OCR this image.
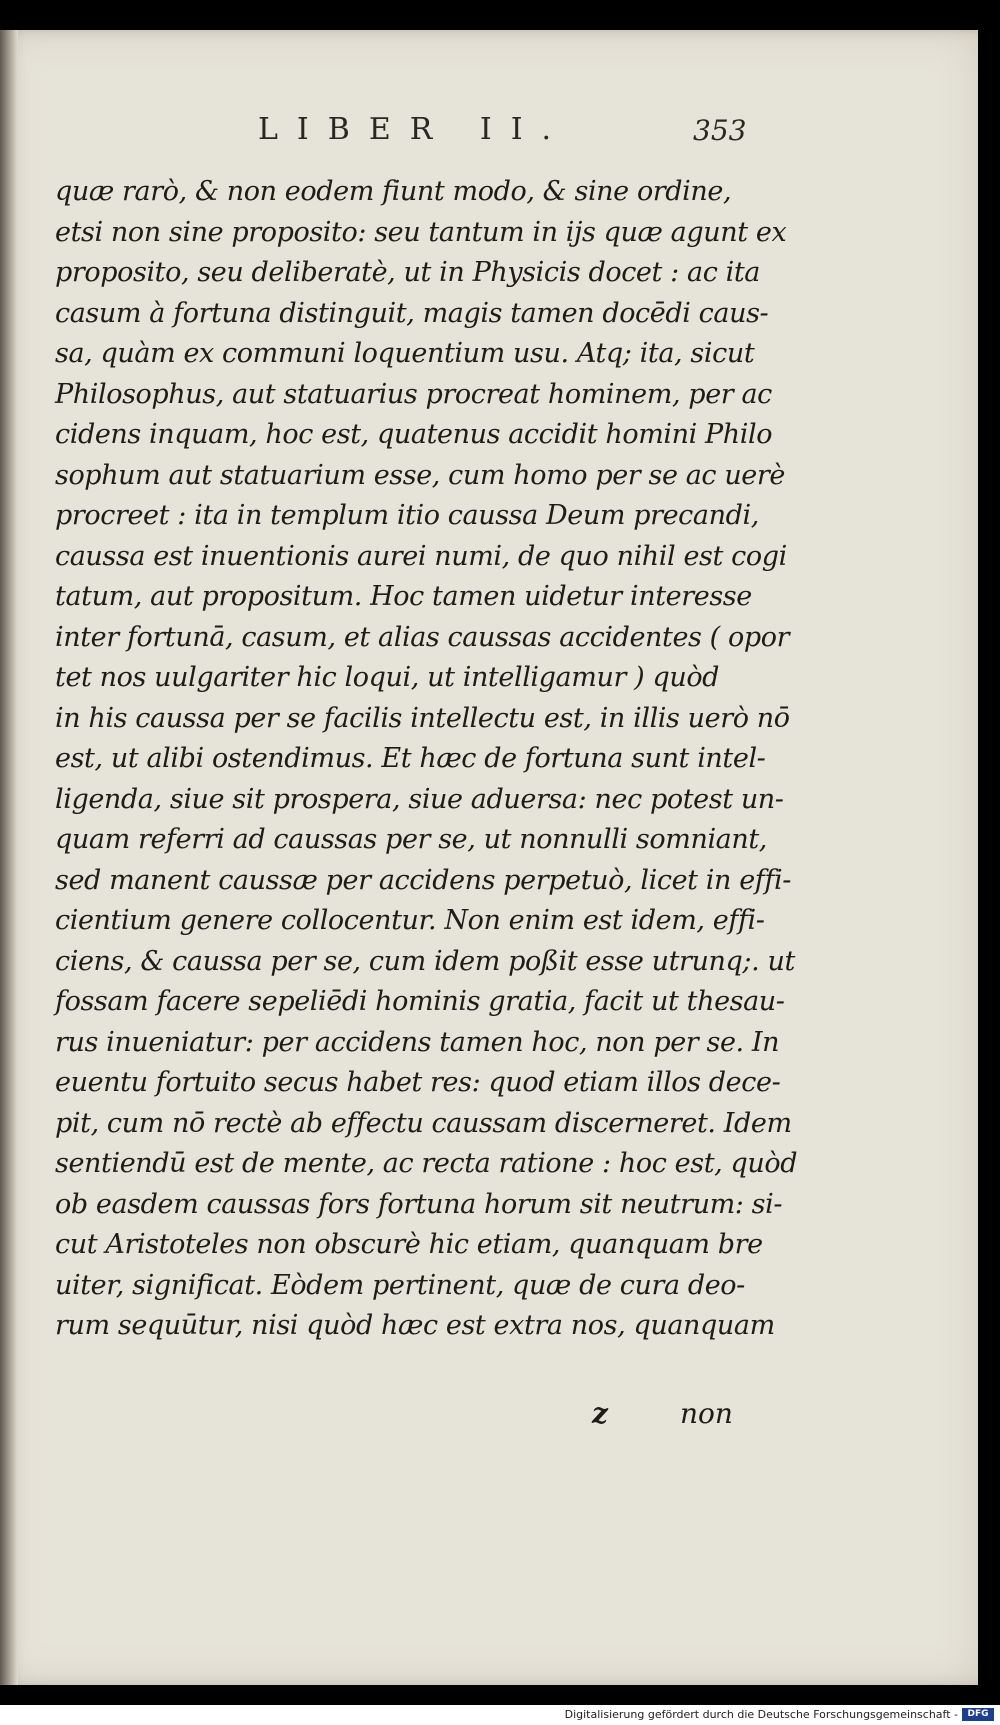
LIBER II.	353
quæ rarò, & non eodem fiunt modo, & sine ordine,
etsi non sine proposito: seu tantum in ijs quæ agunt ex
proposito, seu deliberatè, ut in Physicis docet : ac ita
casum à fortuna distinguit, magis tamen docēdi caus-
sa, quàm ex communi loquentium usu. Atq; ita, sicut
Philosophus, aut statuarius procreat hominem, per ac
cidens inquam, hoc est, quatenus accidit homini Philo
sophum aut statuarium esse, cum homo per se ac uerè
procreet : ita in templum itio caussa Deum precandi,
caussa est inuentionis aurei numi, de quo nihil est cogi
tatum, aut propositum. Hoc tamen uidetur interesse
inter fortunā, casum, et alias caussas accidentes ( opor
tet nos uulgariter hic loqui, ut intelligamur ) quòd
in his caussa per se facilis intellectu est, in illis uerò nō
est, ut alibi ostendimus. Et hæc de fortuna sunt intel-
ligenda, siue sit prospera, siue aduersa: nec potest un-
quam referri ad caussas per se, ut nonnulli somniant,
sed manent caussæ per accidens perpetuò, licet in effi-
cientium genere collocentur. Non enim est idem, effi-
ciens, & caussa per se, cum idem poßit esse utrunq;. ut
fossam facere sepeliēdi hominis gratia, facit ut thesau-
rus inueniatur: per accidens tamen hoc, non per se. In
euentu fortuito secus habet res: quod etiam illos dece-
pit, cum nō rectè ab effectu caussam discerneret. Idem
sentiendū est de mente, ac recta ratione : hoc est, quòd
ob easdem caussas fors fortuna horum sit neutrum: si-
cut Aristoteles non obscurè hic etiam, quanquam bre
uiter, significat. Eòdem pertinent, quæ de cura deo-
rum sequūtur, nisi quòd hæc est extra nos, quanquam
z	non
Digitalisierung gefördert durch die Deutsche Forschungsgemeinschaft -	DFG
